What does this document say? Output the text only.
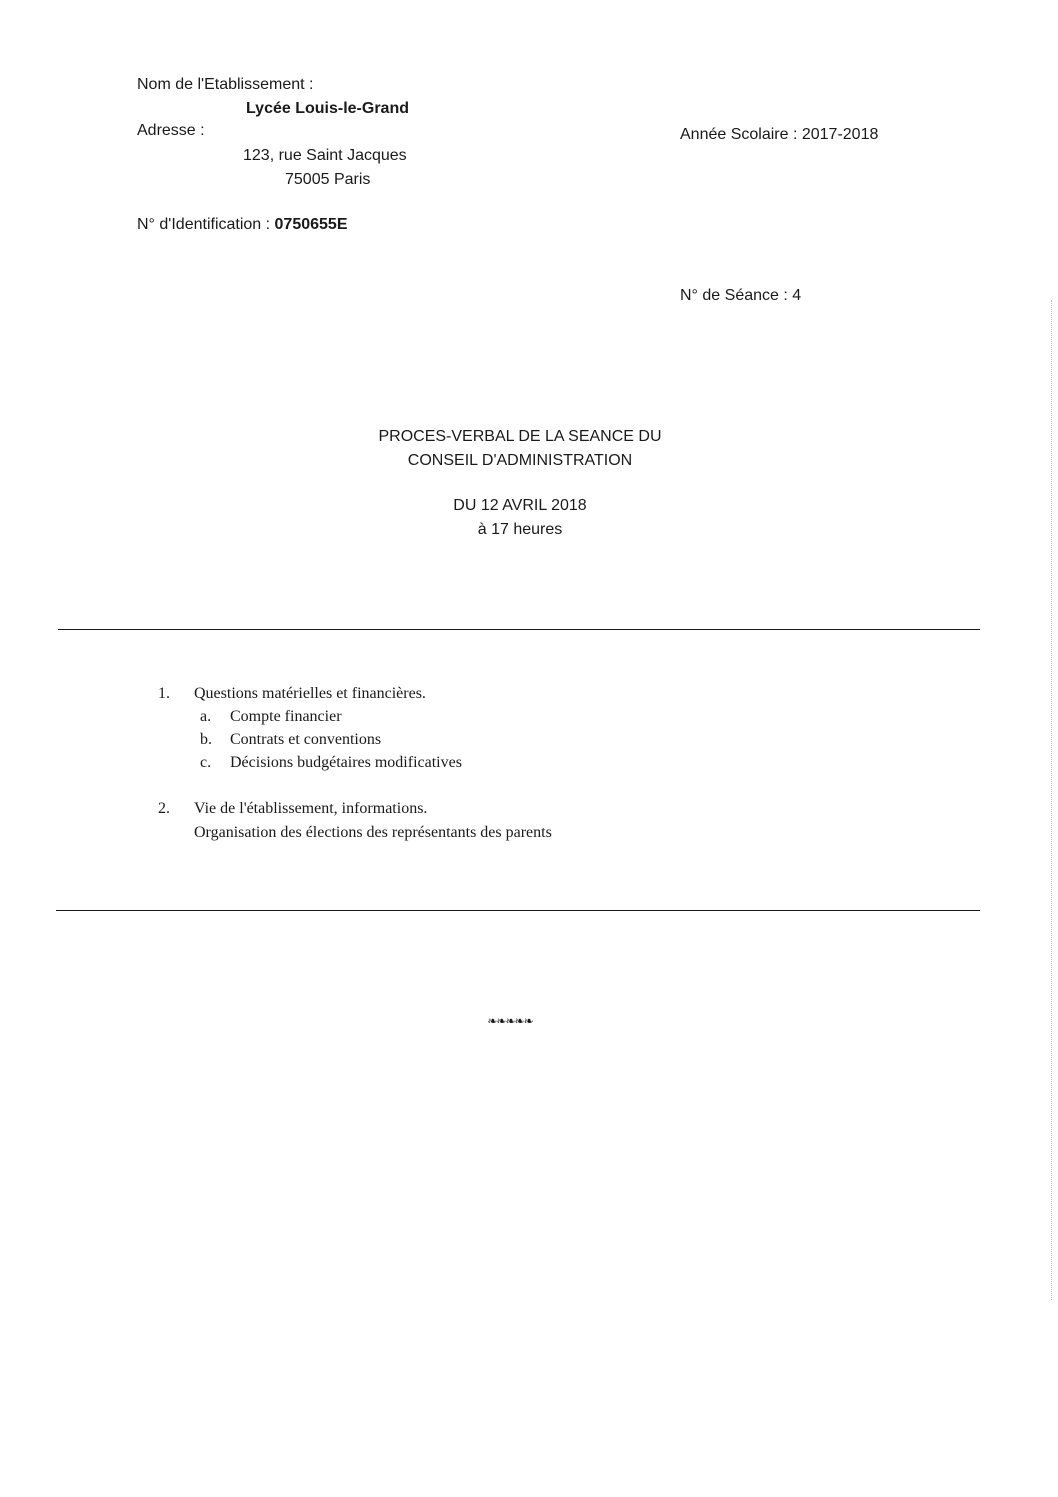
Nom de l'Etablissement :
Lycée Louis-le-Grand
Adresse :	Année Scolaire : 2017-2018
123, rue Saint Jacques
75005 Paris
N° d'Identification : 0750655E
N° de Séance : 4
PROCES-VERBAL DE LA SEANCE DU
CONSEIL D'ADMINISTRATION
DU 12 AVRIL 2018
à 17 heures
1. Questions matérielles et financières.
a. Compte financier
b. Contrats et conventions
c. Décisions budgétaires modificatives
2. Vie de l'établissement, informations.
Organisation des élections des représentants des parents
❧❧❧❧❧
